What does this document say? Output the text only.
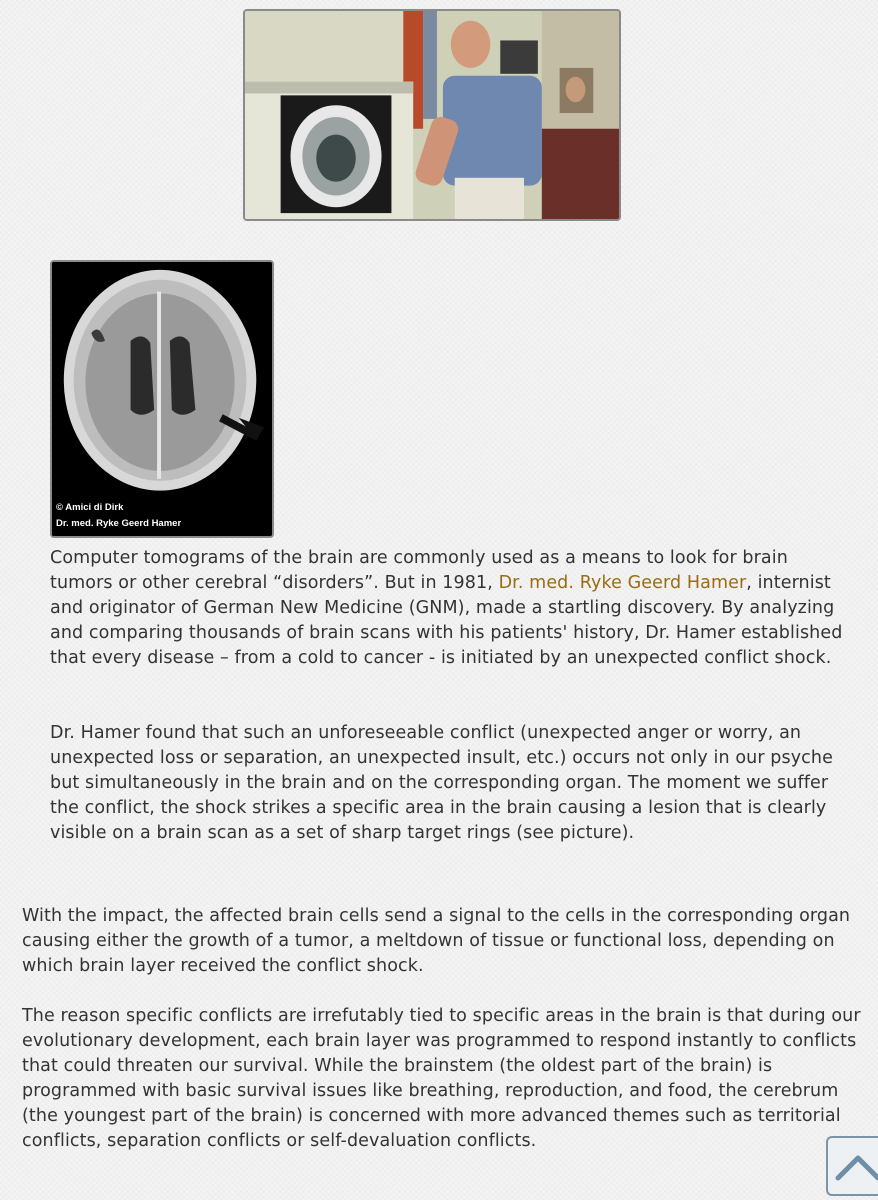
© Amici di Dirk
Dr. med. Ryke Geerd Hamer

Computer tomograms of the brain are commonly used as a means to look for brain tumors or other cerebral “disorders”. But in 1981, Dr. med. Ryke Geerd Hamer, internist and originator of German New Medicine (GNM), made a startling discovery. By analyzing and comparing thousands of brain scans with his patients' history, Dr. Hamer established that every disease – from a cold to cancer - is initiated by an unexpected conflict shock.

Dr. Hamer found that such an unforeseeable conflict (unexpected anger or worry, an unexpected loss or separation, an unexpected insult, etc.) occurs not only in our psyche but simultaneously in the brain and on the corresponding organ. The moment we suffer the conflict, the shock strikes a specific area in the brain causing a lesion that is clearly visible on a brain scan as a set of sharp target rings (see picture).

With the impact, the affected brain cells send a signal to the cells in the corresponding organ causing either the growth of a tumor, a meltdown of tissue or functional loss, depending on which brain layer received the conflict shock.

The reason specific conflicts are irrefutably tied to specific areas in the brain is that during our evolutionary development, each brain layer was programmed to respond instantly to conflicts that could threaten our survival. While the brainstem (the oldest part of the brain) is programmed with basic survival issues like breathing, reproduction, and food, the cerebrum (the youngest part of the brain) is concerned with more advanced themes such as territorial conflicts, separation conflicts or self-devaluation conflicts.
